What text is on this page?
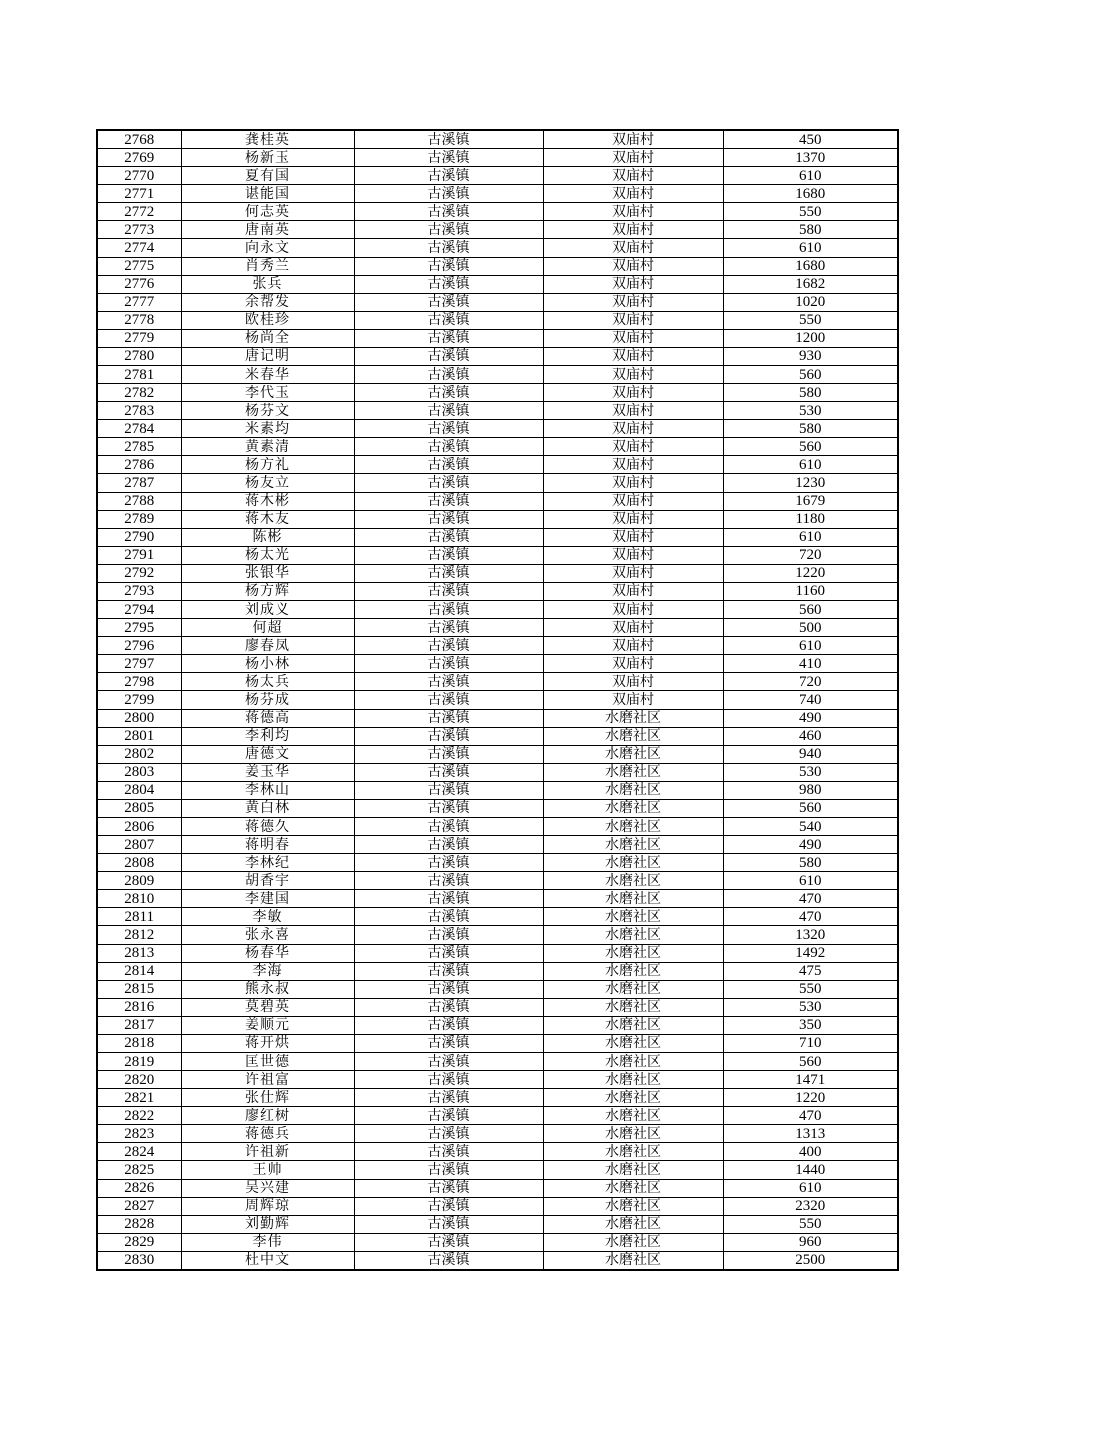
2768	龚桂英	古溪镇	双庙村	450
2769	杨新玉	古溪镇	双庙村	1370
2770	夏有国	古溪镇	双庙村	610
2771	谌能国	古溪镇	双庙村	1680
2772	何志英	古溪镇	双庙村	550
2773	唐南英	古溪镇	双庙村	580
2774	向永文	古溪镇	双庙村	610
2775	肖秀兰	古溪镇	双庙村	1680
2776	张兵	古溪镇	双庙村	1682
2777	余帮发	古溪镇	双庙村	1020
2778	欧桂珍	古溪镇	双庙村	550
2779	杨尚全	古溪镇	双庙村	1200
2780	唐记明	古溪镇	双庙村	930
2781	米春华	古溪镇	双庙村	560
2782	李代玉	古溪镇	双庙村	580
2783	杨芬文	古溪镇	双庙村	530
2784	米素均	古溪镇	双庙村	580
2785	黄素清	古溪镇	双庙村	560
2786	杨方礼	古溪镇	双庙村	610
2787	杨友立	古溪镇	双庙村	1230
2788	蒋木彬	古溪镇	双庙村	1679
2789	蒋木友	古溪镇	双庙村	1180
2790	陈彬	古溪镇	双庙村	610
2791	杨太光	古溪镇	双庙村	720
2792	张银华	古溪镇	双庙村	1220
2793	杨方辉	古溪镇	双庙村	1160
2794	刘成义	古溪镇	双庙村	560
2795	何超	古溪镇	双庙村	500
2796	廖春凤	古溪镇	双庙村	610
2797	杨小林	古溪镇	双庙村	410
2798	杨太兵	古溪镇	双庙村	720
2799	杨芬成	古溪镇	双庙村	740
2800	蒋德高	古溪镇	水磨社区	490
2801	李利均	古溪镇	水磨社区	460
2802	唐德文	古溪镇	水磨社区	940
2803	姜玉华	古溪镇	水磨社区	530
2804	李林山	古溪镇	水磨社区	980
2805	黄白林	古溪镇	水磨社区	560
2806	蒋德久	古溪镇	水磨社区	540
2807	蒋明春	古溪镇	水磨社区	490
2808	李林纪	古溪镇	水磨社区	580
2809	胡香宇	古溪镇	水磨社区	610
2810	李建国	古溪镇	水磨社区	470
2811	李敏	古溪镇	水磨社区	470
2812	张永喜	古溪镇	水磨社区	1320
2813	杨春华	古溪镇	水磨社区	1492
2814	李海	古溪镇	水磨社区	475
2815	熊永叔	古溪镇	水磨社区	550
2816	莫碧英	古溪镇	水磨社区	530
2817	姜顺元	古溪镇	水磨社区	350
2818	蒋开烘	古溪镇	水磨社区	710
2819	匡世德	古溪镇	水磨社区	560
2820	许祖富	古溪镇	水磨社区	1471
2821	张仕辉	古溪镇	水磨社区	1220
2822	廖红树	古溪镇	水磨社区	470
2823	蒋德兵	古溪镇	水磨社区	1313
2824	许祖新	古溪镇	水磨社区	400
2825	王帅	古溪镇	水磨社区	1440
2826	吴兴建	古溪镇	水磨社区	610
2827	周辉琼	古溪镇	水磨社区	2320
2828	刘勤辉	古溪镇	水磨社区	550
2829	李伟	古溪镇	水磨社区	960
2830	杜中文	古溪镇	水磨社区	2500
